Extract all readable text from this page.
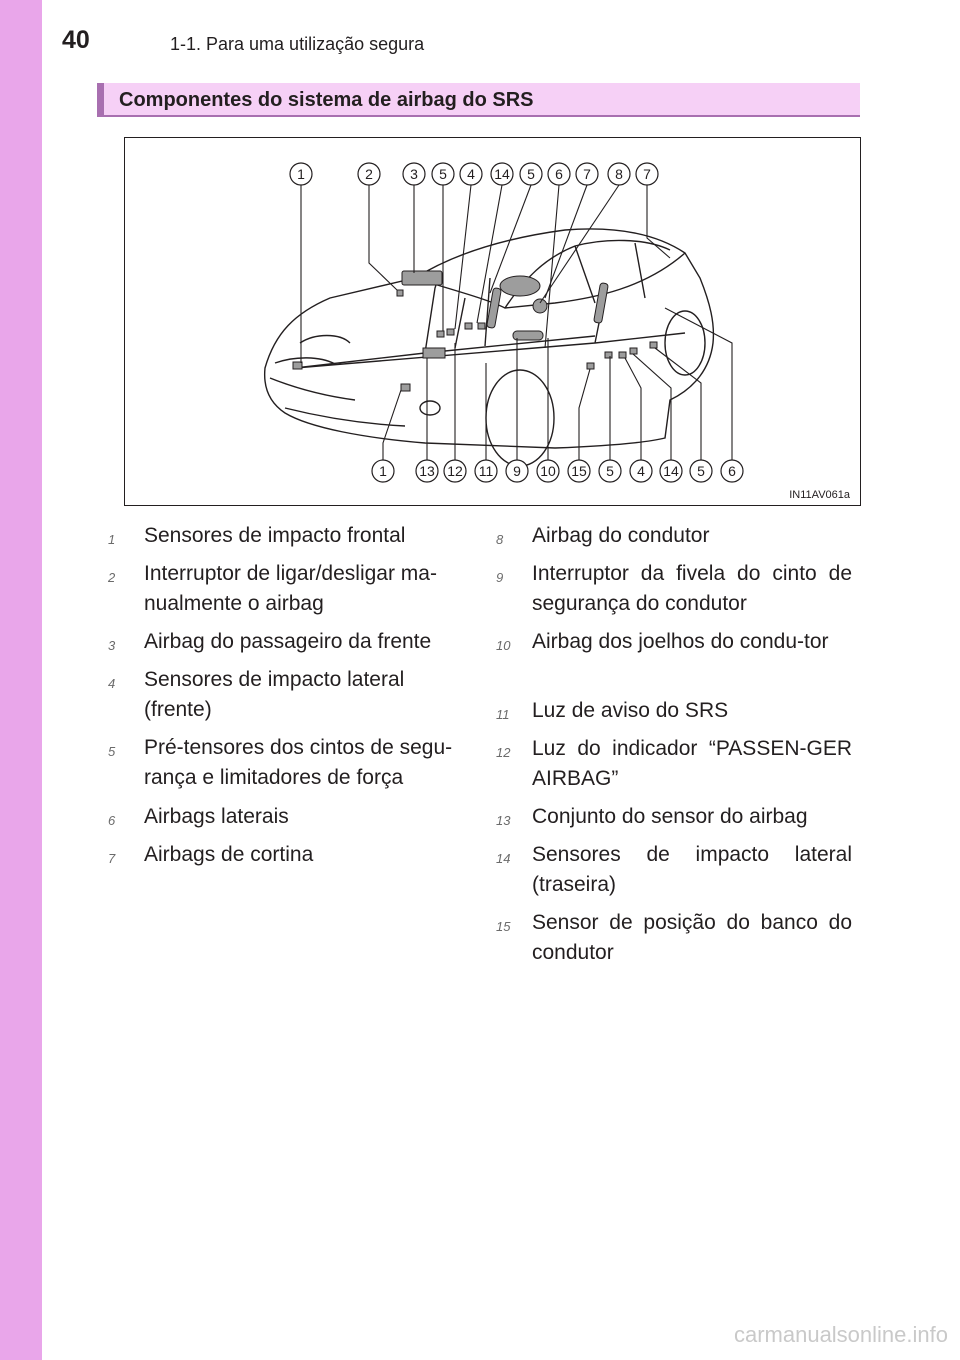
40	1-1. Para uma utilização segura
Componentes do sistema de airbag do SRS
1	2	3 5 4 14 5 6 7 8 7
1 13 12 11 9 10 15 5 4 14 5 6
IN11AV061a
1 Sensores de impacto frontal
2 Interruptor de ligar/desligar ma-nualmente o airbag
3 Airbag do passageiro da frente
4 Sensores de impacto lateral (frente)
5 Pré-tensores dos cintos de segu-rança e limitadores de força
6 Airbags laterais
7 Airbags de cortina
8 Airbag do condutor
9 Interruptor da fivela do cinto de segurança do condutor
10 Airbag dos joelhos do condu-tor
11 Luz de aviso do SRS
12 Luz do indicador “PASSEN-GER AIRBAG”
13 Conjunto do sensor do airbag
14 Sensores de impacto lateral (traseira)
15 Sensor de posição do banco do condutor
carmanualsonline.info
